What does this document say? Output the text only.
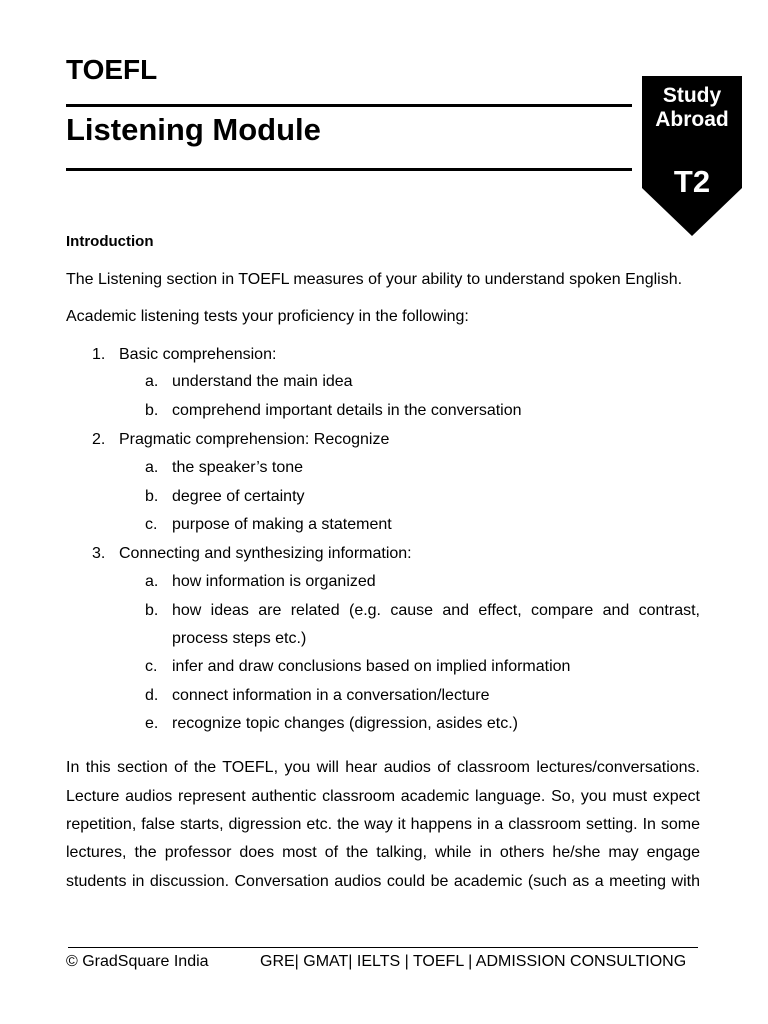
TOEFL
Listening Module
Study
Abroad
T2
Introduction
The Listening section in TOEFL measures of your ability to understand spoken English.
Academic listening tests your proficiency in the following:
1. Basic comprehension:
a. understand the main idea
b. comprehend important details in the conversation
2. Pragmatic comprehension: Recognize
a. the speaker’s tone
b. degree of certainty
c. purpose of making a statement
3. Connecting and synthesizing information:
a. how information is organized
b. how ideas are related (e.g. cause and effect, compare and contrast,
process steps etc.)
c. infer and draw conclusions based on implied information
d. connect information in a conversation/lecture
e. recognize topic changes (digression, asides etc.)
In this section of the TOEFL, you will hear audios of classroom lectures/conversations.
Lecture audios represent authentic classroom academic language. So, you must expect
repetition, false starts, digression etc. the way it happens in a classroom setting. In some
lectures, the professor does most of the talking, while in others he/she may engage
students in discussion. Conversation audios could be academic (such as a meeting with
© GradSquare India	GRE| GMAT| IELTS | TOEFL | ADMISSION CONSULTIONG
